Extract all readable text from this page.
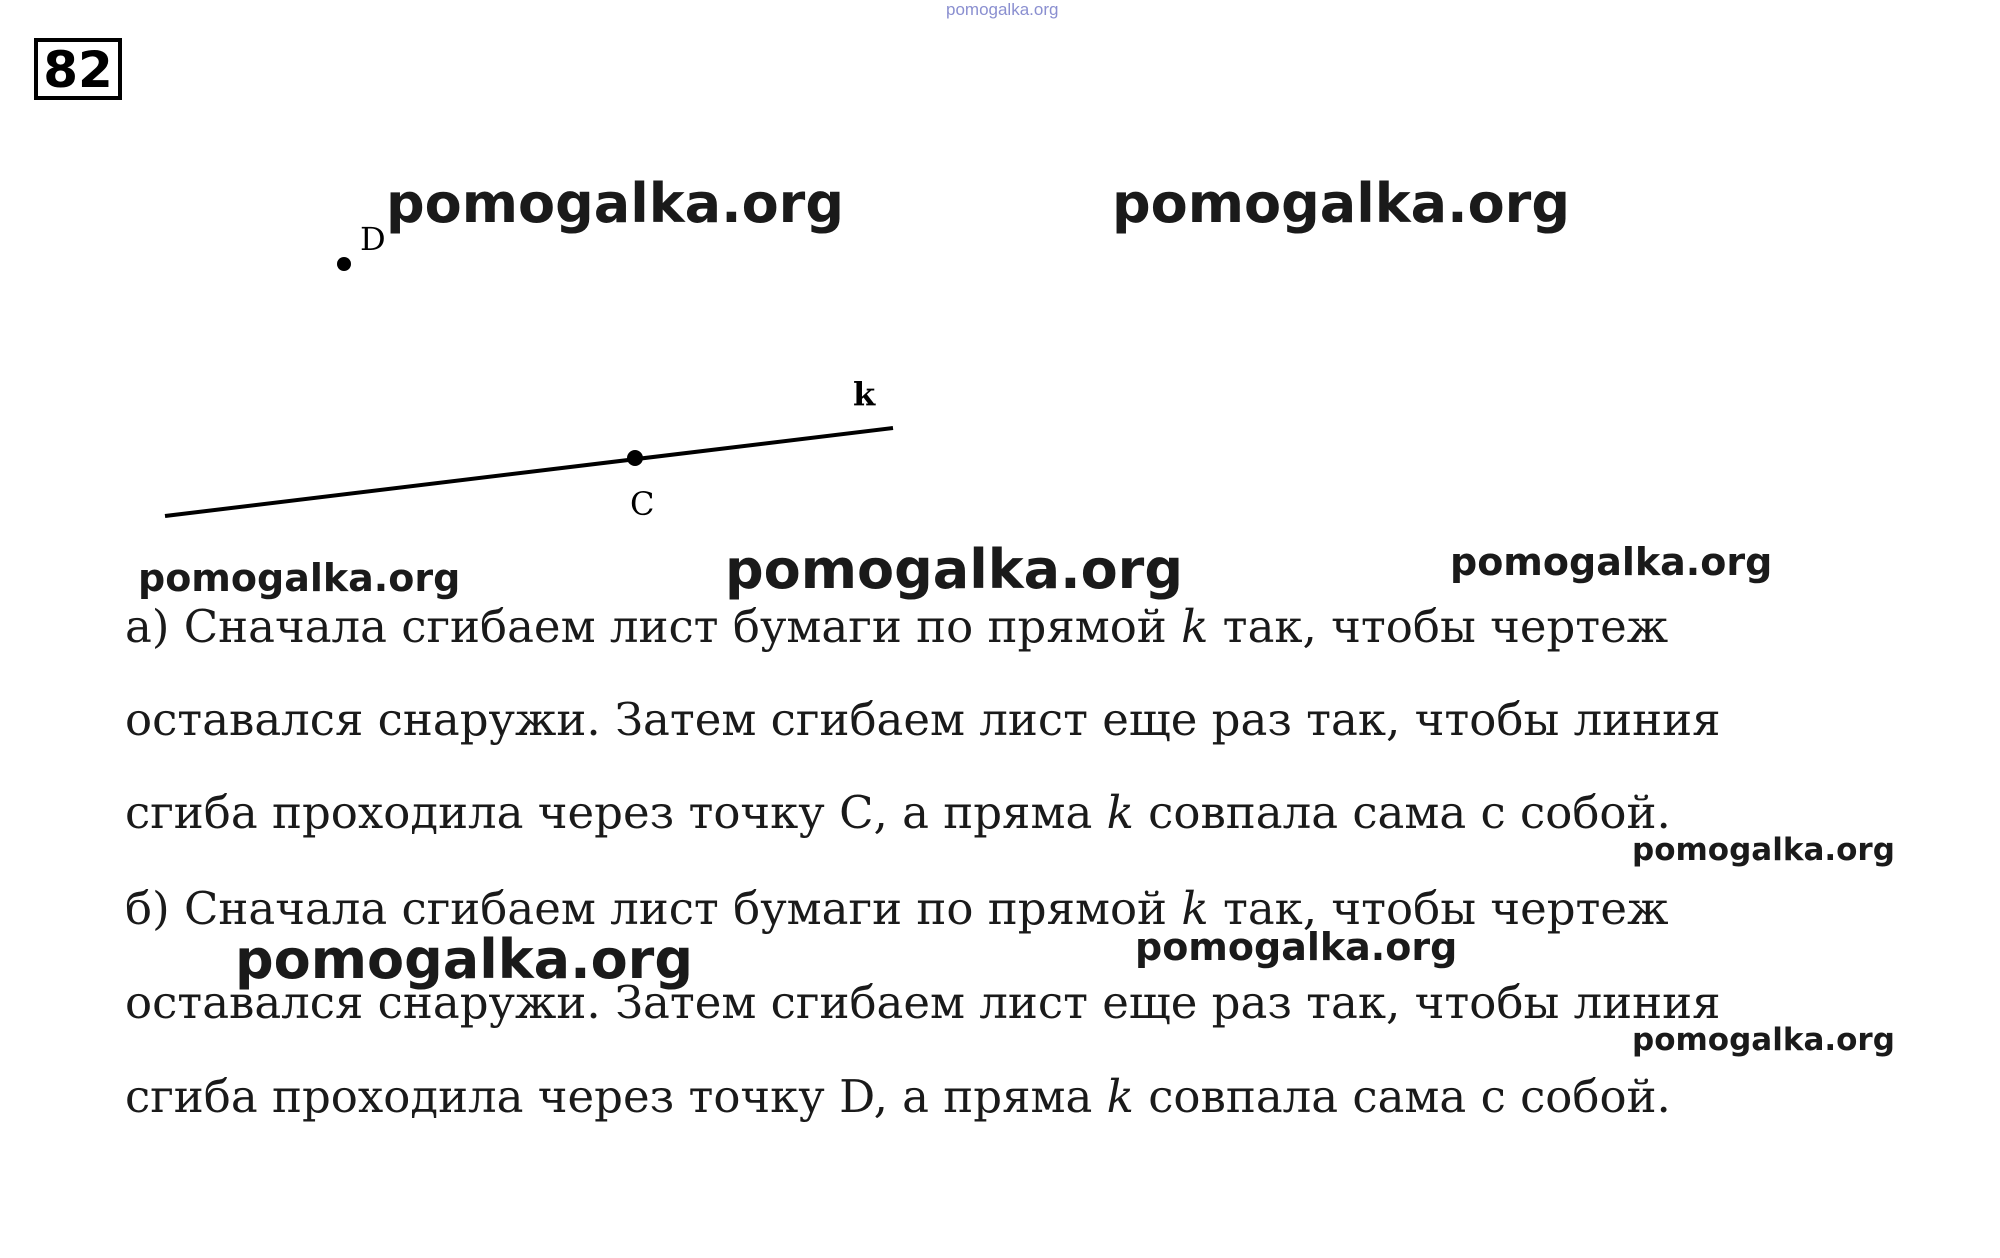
pomogalka.org
82
D
C
k
pomogalka.org	pomogalka.org
pomogalka.org	pomogalka.org	pomogalka.org
а) Сначала сгибаем лист бумаги по прямой k так, чтобы чертеж
оставался снаружи. Затем сгибаем лист еще раз так, чтобы линия
сгиба проходила через точку С, а пряма k совпала сама с собой.
pomogalka.org
б) Сначала сгибаем лист бумаги по прямой k так, чтобы чертеж
pomogalka.org	pomogalka.org
оставался снаружи. Затем сгибаем лист еще раз так, чтобы линия
pomogalka.org
сгиба проходила через точку D, а пряма k совпала сама с собой.
